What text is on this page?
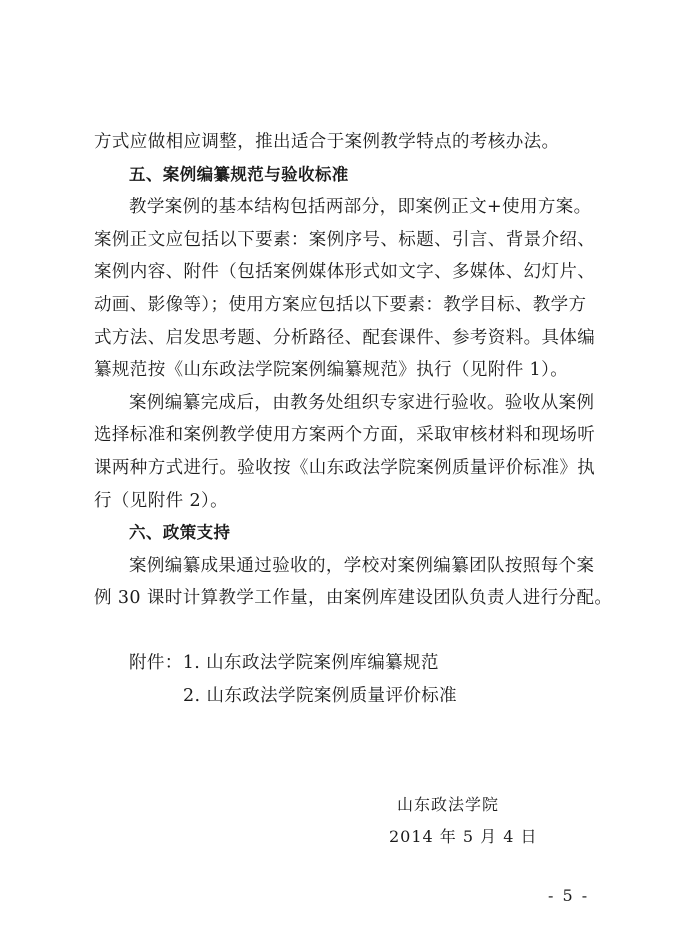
方式应做相应调整，推出适合于案例教学特点的考核办法。
五、案例编纂规范与验收标准
教学案例的基本结构包括两部分，即案例正文+使用方案。
案例正文应包括以下要素：案例序号、标题、引言、背景介绍、
案例内容、附件（包括案例媒体形式如文字、多媒体、幻灯片、
动画、影像等）；使用方案应包括以下要素：教学目标、教学方
式方法、启发思考题、分析路径、配套课件、参考资料。具体编
纂规范按《山东政法学院案例编纂规范》执行（见附件 1）。
案例编纂完成后，由教务处组织专家进行验收。验收从案例
选择标准和案例教学使用方案两个方面，采取审核材料和现场听
课两种方式进行。验收按《山东政法学院案例质量评价标准》执
行（见附件 2）。
六、政策支持
案例编纂成果通过验收的，学校对案例编纂团队按照每个案
例 30 课时计算教学工作量，由案例库建设团队负责人进行分配。
附件：1. 山东政法学院案例库编纂规范
2. 山东政法学院案例质量评价标准
山东政法学院
2014 年 5 月 4 日
- 5 -
